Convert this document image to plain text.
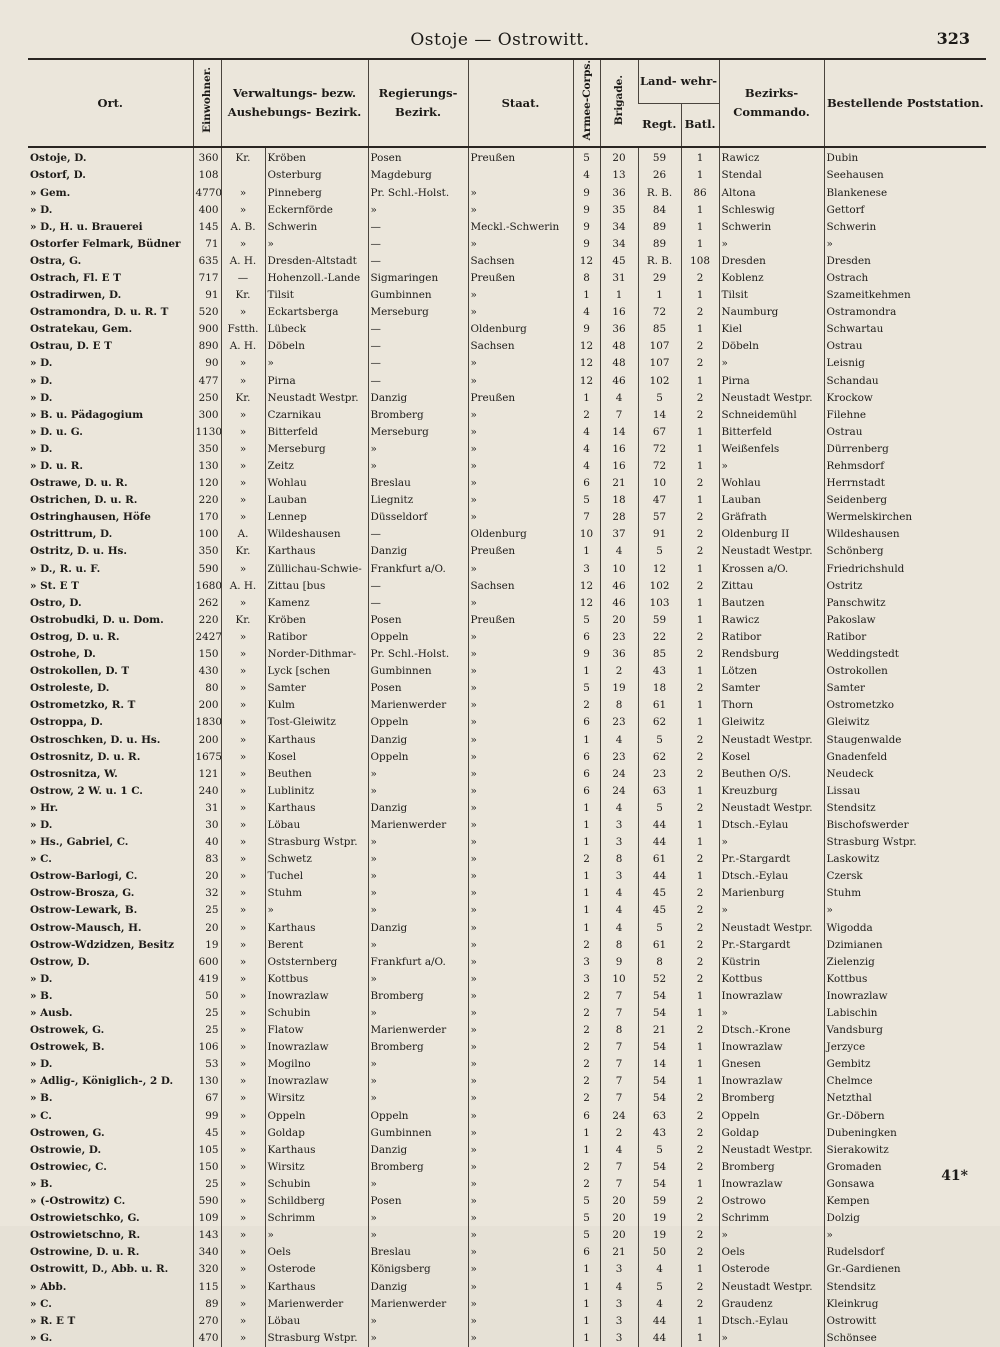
Ostoje — Ostrowitt.	323
Ort.	Einwohner.	Verwaltungs- bezw. Aushebungs- Bezirk.		Regierungs- Bezirk.	Staat.	Armee-Corps.	Brigade.	Land- wehr-		Bezirks- Commando.	Bestellende Poststation.
								Regt.	Batl.		
Ostoje, D.	360	Kr.	Kröben	Posen	Preußen	5	20	59	1	Rawicz	Dubin
Ostorf, D.	108		Osterburg	Magdeburg		4	13	26	1	Stendal	Seehausen
» Gem.	4770	»	Pinneberg	Pr. Schl.-Holst.	»	9	36	R. B.	86	Altona	Blankenese
» D.	400	»	Eckernförde	»	»	9	35	84	1	Schleswig	Gettorf
» D., H. u. Brauerei	145	A. B.	Schwerin	—	Meckl.-Schwerin	9	34	89	1	Schwerin	Schwerin
Ostorfer Felmark, Büdner	71	»	»	—	»	9	34	89	1	»	»
Ostra, G.	635	A. H.	Dresden-Altstadt	—	Sachsen	12	45	R. B.	108	Dresden	Dresden
Ostrach, Fl. E T	717	—	Hohenzoll.-Lande	Sigmaringen	Preußen	8	31	29	2	Koblenz	Ostrach
Ostradirwen, D.	91	Kr.	Tilsit	Gumbinnen	»	1	1	1	1	Tilsit	Szameitkehmen
Ostramondra, D. u. R. T	520	»	Eckartsberga	Merseburg	»	4	16	72	2	Naumburg	Ostramondra
Ostratekau, Gem.	900	Fstth.	Lübeck	—	Oldenburg	9	36	85	1	Kiel	Schwartau
Ostrau, D. E T	890	A. H.	Döbeln	—	Sachsen	12	48	107	2	Döbeln	Ostrau
» D.	90	»	»	—	»	12	48	107	2	»	Leisnig
» D.	477	»	Pirna	—	»	12	46	102	1	Pirna	Schandau
» D.	250	Kr.	Neustadt Westpr.	Danzig	Preußen	1	4	5	2	Neustadt Westpr.	Krockow
» B. u. Pädagogium	300	»	Czarnikau	Bromberg	»	2	7	14	2	Schneidemühl	Filehne
» D. u. G.	1130	»	Bitterfeld	Merseburg	»	4	14	67	1	Bitterfeld	Ostrau
» D.	350	»	Merseburg	»	»	4	16	72	1	Weißenfels	Dürrenberg
» D. u. R.	130	»	Zeitz	»	»	4	16	72	1	»	Rehmsdorf
Ostrawe, D. u. R.	120	»	Wohlau	Breslau	»	6	21	10	2	Wohlau	Herrnstadt
Ostrichen, D. u. R.	220	»	Lauban	Liegnitz	»	5	18	47	1	Lauban	Seidenberg
Ostringhausen, Höfe	170	»	Lennep	Düsseldorf	»	7	28	57	2	Gräfrath	Wermelskirchen
Ostrittrum, D.	100	A.	Wildeshausen	—	Oldenburg	10	37	91	2	Oldenburg II	Wildeshausen
Ostritz, D. u. Hs.	350	Kr.	Karthaus	Danzig	Preußen	1	4	5	2	Neustadt Westpr.	Schönberg
» D., R. u. F.	590	»	Züllichau-Schwie-	Frankfurt a/O.	»	3	10	12	1	Krossen a/O.	Friedrichshuld
» St. E T	1680	A. H.	Zittau [bus	—	Sachsen	12	46	102	2	Zittau	Ostritz
Ostro, D.	262	»	Kamenz	—	»	12	46	103	1	Bautzen	Panschwitz
Ostrobudki, D. u. Dom.	220	Kr.	Kröben	Posen	Preußen	5	20	59	1	Rawicz	Pakoslaw
Ostrog, D. u. R.	2427	»	Ratibor	Oppeln	»	6	23	22	2	Ratibor	Ratibor
Ostrohe, D.	150	»	Norder-Dithmar-	Pr. Schl.-Holst.	»	9	36	85	2	Rendsburg	Weddingstedt
Ostrokollen, D. T	430	»	Lyck [schen	Gumbinnen	»	1	2	43	1	Lötzen	Ostrokollen
Ostroleste, D.	80	»	Samter	Posen	»	5	19	18	2	Samter	Samter
Ostrometzko, R. T	200	»	Kulm	Marienwerder	»	2	8	61	1	Thorn	Ostrometzko
Ostroppa, D.	1830	»	Tost-Gleiwitz	Oppeln	»	6	23	62	1	Gleiwitz	Gleiwitz
Ostroschken, D. u. Hs.	200	»	Karthaus	Danzig	»	1	4	5	2	Neustadt Westpr.	Staugenwalde
Ostrosnitz, D. u. R.	1675	»	Kosel	Oppeln	»	6	23	62	2	Kosel	Gnadenfeld
Ostrosnitza, W.	121	»	Beuthen	»	»	6	24	23	2	Beuthen O/S.	Neudeck
Ostrow, 2 W. u. 1 C.	240	»	Lublinitz	»	»	6	24	63	1	Kreuzburg	Lissau
» Hr.	31	»	Karthaus	Danzig	»	1	4	5	2	Neustadt Westpr.	Stendsitz
» D.	30	»	Löbau	Marienwerder	»	1	3	44	1	Dtsch.-Eylau	Bischofswerder
» Hs., Gabriel, C.	40	»	Strasburg Wstpr.	»	»	1	3	44	1	»	Strasburg Wstpr.
» C.	83	»	Schwetz	»	»	2	8	61	2	Pr.-Stargardt	Laskowitz
Ostrow-Barlogi, C.	20	»	Tuchel	»	»	1	3	44	1	Dtsch.-Eylau	Czersk
Ostrow-Brosza, G.	32	»	Stuhm	»	»	1	4	45	2	Marienburg	Stuhm
Ostrow-Lewark, B.	25	»	»	»	»	1	4	45	2	»	»
Ostrow-Mausch, H.	20	»	Karthaus	Danzig	»	1	4	5	2	Neustadt Westpr.	Wigodda
Ostrow-Wdzidzen, Besitz	19	»	Berent	»	»	2	8	61	2	Pr.-Stargardt	Dzimianen
Ostrow, D.	600	»	Oststernberg	Frankfurt a/O.	»	3	9	8	2	Küstrin	Zielenzig
» D.	419	»	Kottbus	»	»	3	10	52	2	Kottbus	Kottbus
» B.	50	»	Inowrazlaw	Bromberg	»	2	7	54	1	Inowrazlaw	Inowrazlaw
» Ausb.	25	»	Schubin	»	»	2	7	54	1	»	Labischin
Ostrowek, G.	25	»	Flatow	Marienwerder	»	2	8	21	2	Dtsch.-Krone	Vandsburg
Ostrowek, B.	106	»	Inowrazlaw	Bromberg	»	2	7	54	1	Inowrazlaw	Jerzyce
» D.	53	»	Mogilno	»	»	2	7	14	1	Gnesen	Gembitz
» Adlig-, Königlich-, 2 D.	130	»	Inowrazlaw	»	»	2	7	54	1	Inowrazlaw	Chelmce
» B.	67	»	Wirsitz	»	»	2	7	54	2	Bromberg	Netzthal
» C.	99	»	Oppeln	Oppeln	»	6	24	63	2	Oppeln	Gr.-Döbern
Ostrowen, G.	45	»	Goldap	Gumbinnen	»	1	2	43	2	Goldap	Dubeningken
Ostrowie, D.	105	»	Karthaus	Danzig	»	1	4	5	2	Neustadt Westpr.	Sierakowitz
Ostrowiec, C.	150	»	Wirsitz	Bromberg	»	2	7	54	2	Bromberg	Gromaden
» B.	25	»	Schubin	»	»	2	7	54	1	Inowrazlaw	Gonsawa
» (-Ostrowitz) C.	590	»	Schildberg	Posen	»	5	20	59	2	Ostrowo	Kempen
Ostrowietschko, G.	109	»	Schrimm	»	»	5	20	19	2	Schrimm	Dolzig
Ostrowietschno, R.	143	»	»	»	»	5	20	19	2	»	»
Ostrowine, D. u. R.	340	»	Oels	Breslau	»	6	21	50	2	Oels	Rudelsdorf
Ostrowitt, D., Abb. u. R.	320	»	Osterode	Königsberg	»	1	3	4	1	Osterode	Gr.-Gardienen
» Abb.	115	»	Karthaus	Danzig	»	1	4	5	2	Neustadt Westpr.	Stendsitz
» C.	89	»	Marienwerder	Marienwerder	»	1	3	4	2	Graudenz	Kleinkrug
» R. E T	270	»	Löbau	»	»	1	3	44	1	Dtsch.-Eylau	Ostrowitt
» G.	470	»	Strasburg Wstpr.	»	»	1	3	44	1	»	Schönsee
41*
